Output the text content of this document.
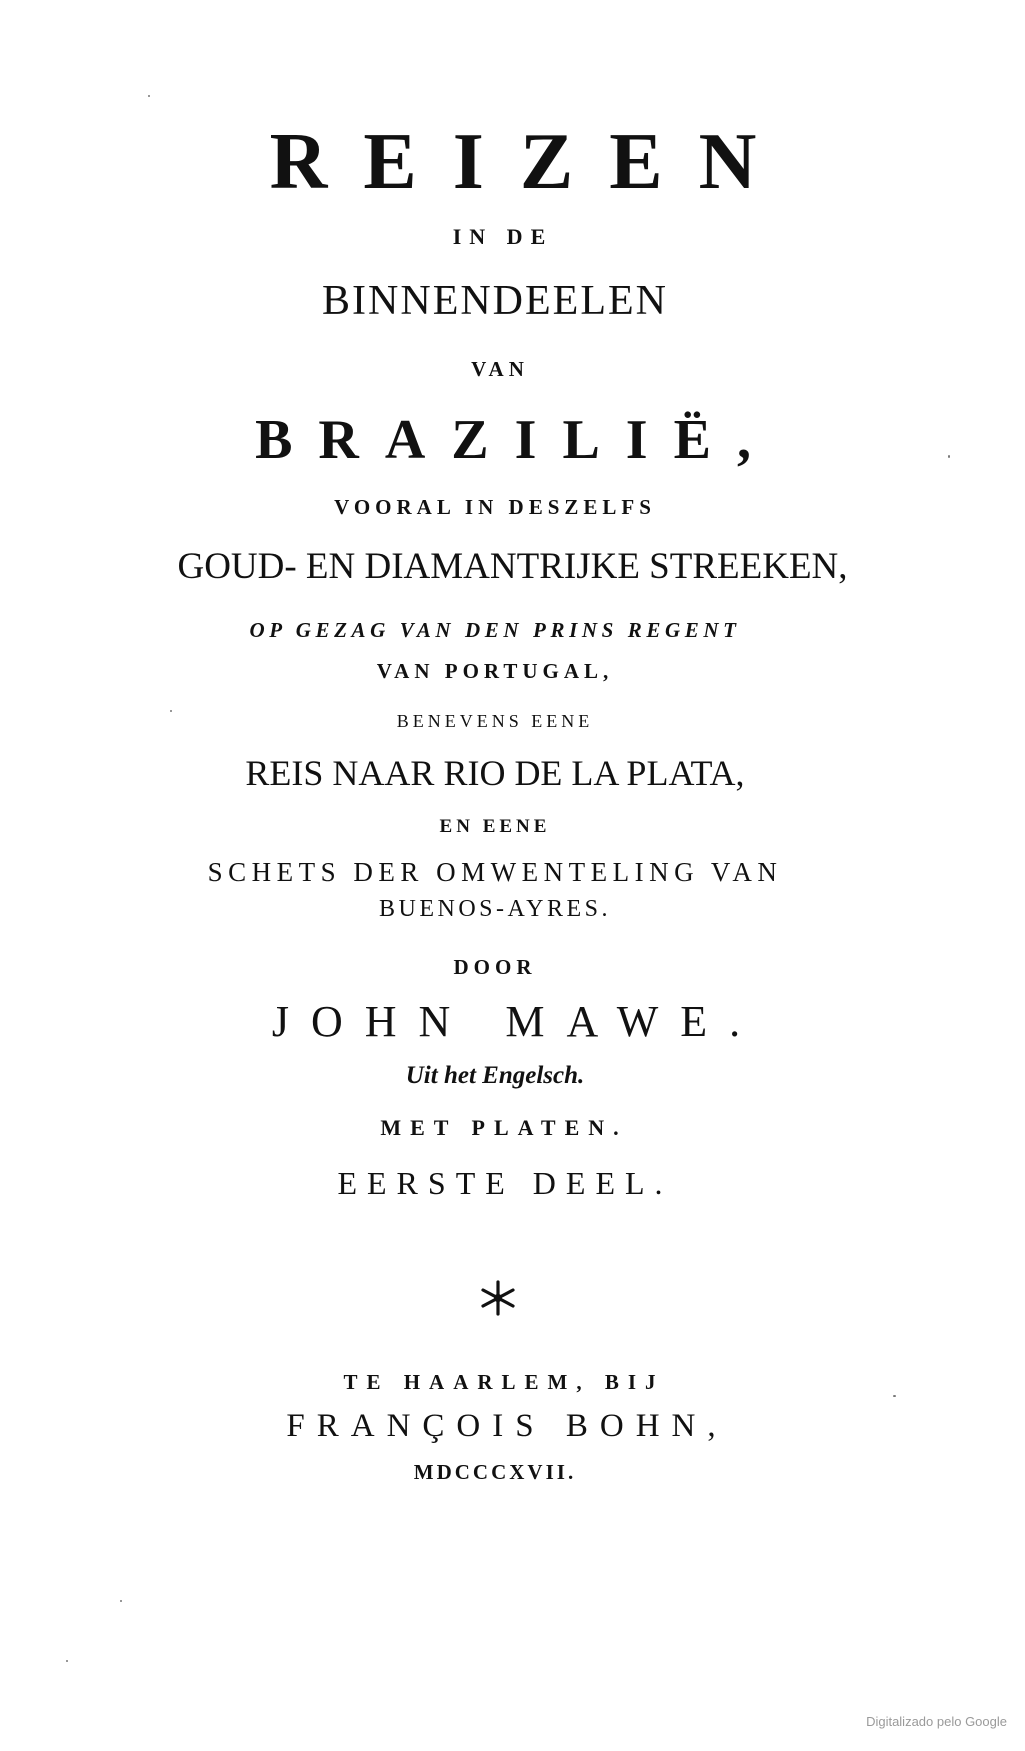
REIZEN
IN DE
BINNENDEELEN
VAN
BRAZILIË,
VOORAL IN DESZELFS
GOUD- EN DIAMANTRIJKE STREEKEN,
OP GEZAG VAN DEN PRINS REGENT
VAN PORTUGAL,
BENEVENS EENE
REIS NAAR RIO DE LA PLATA,
EN EENE
SCHETS DER OMWENTELING VAN
BUENOS-AYRES.
DOOR
JOHN MAWE.
Uit het Engelsch.
MET PLATEN.
EERSTE DEEL.
TE HAARLEM, BIJ
FRANÇOIS BOHN,
MDCCCXVII.
Digitalizado pelo Google
